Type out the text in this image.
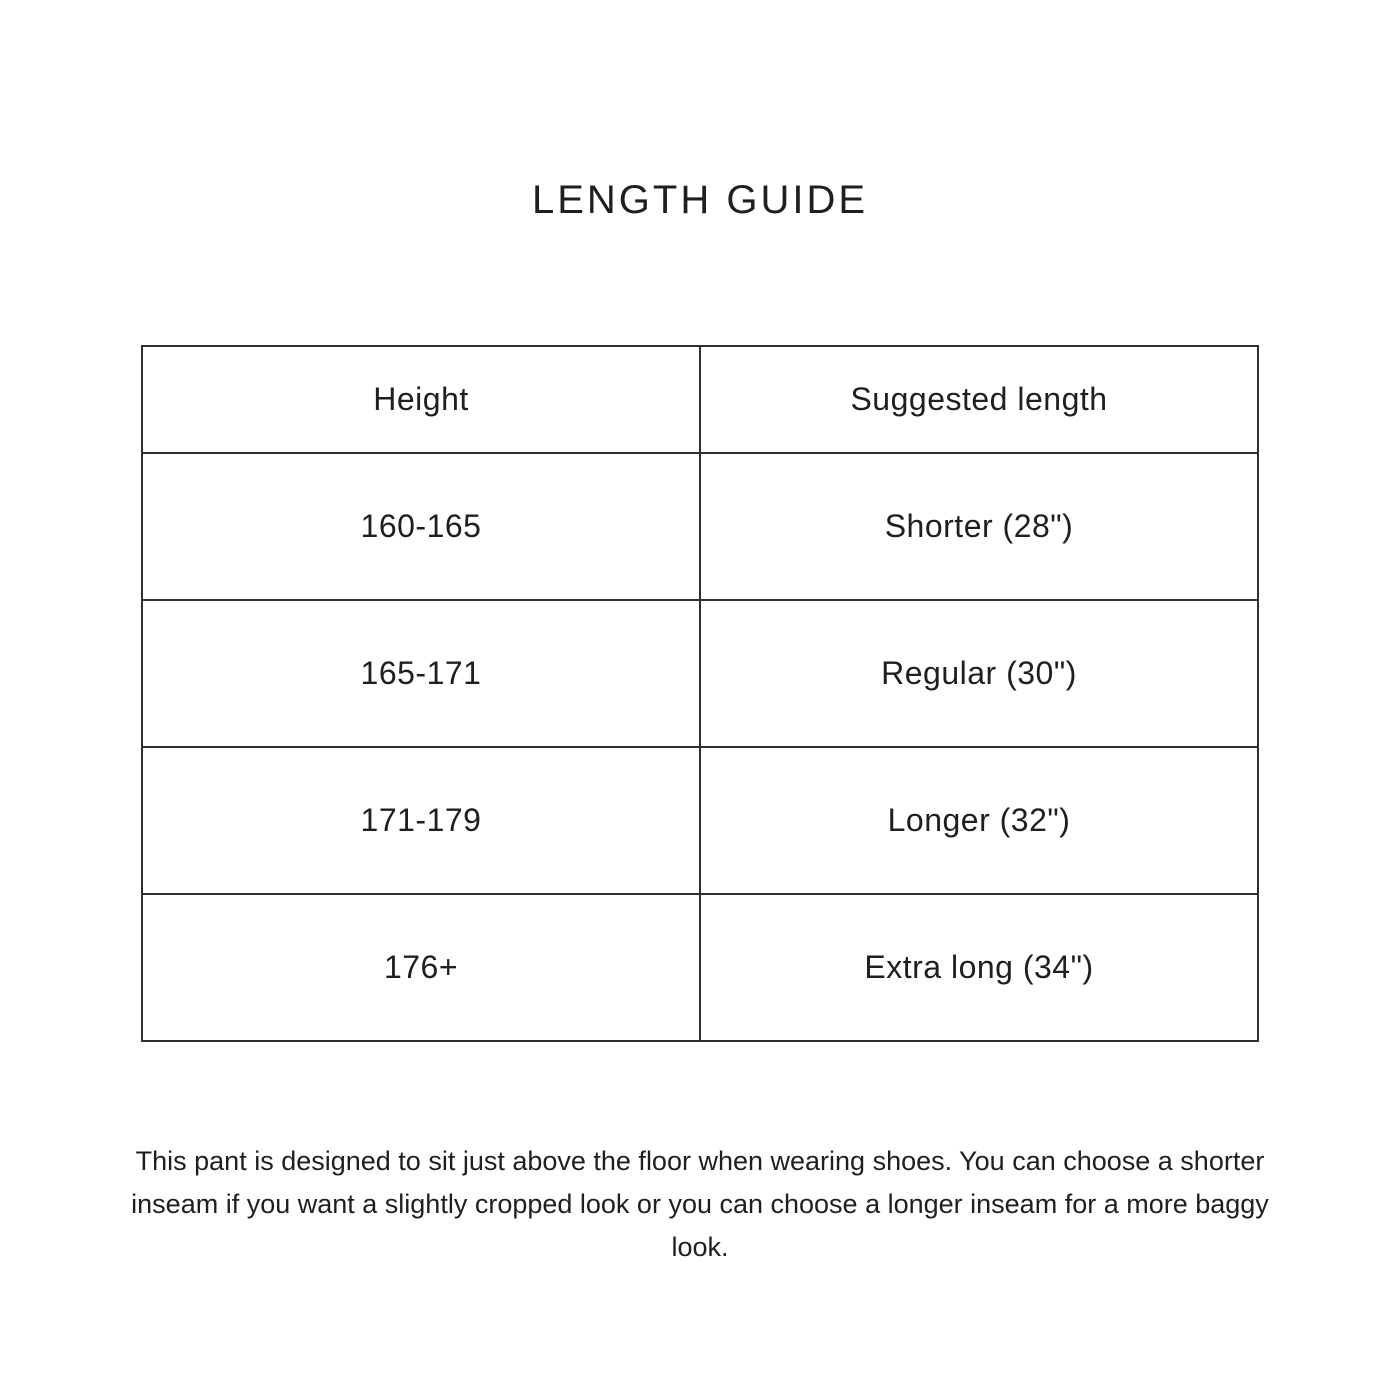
LENGTH GUIDE
Height	Suggested length
160-165	Shorter (28")
165-171	Regular (30")
171-179	Longer (32")
176+	Extra long (34")

This pant is designed to sit just above the floor when wearing shoes. You can choose a shorter inseam if you want a slightly cropped look or you can choose a longer inseam for a more baggy look.
